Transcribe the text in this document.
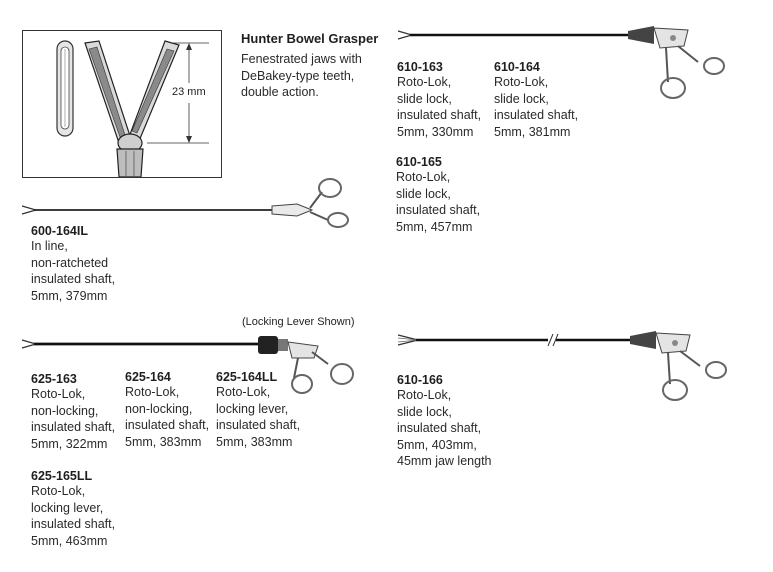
23 mm
Hunter Bowel Grasper
Fenestrated jaws with
DeBakey-type teeth,
double action.
(Locking Lever Shown)
610-163
Roto-Lok,
slide lock,
insulated shaft,
5mm, 330mm
610-164
Roto-Lok,
slide lock,
insulated shaft,
5mm, 381mm
610-165
Roto-Lok,
slide lock,
insulated shaft,
5mm, 457mm
600-164IL
In line,
non-ratcheted
insulated shaft,
5mm, 379mm
625-163
Roto-Lok,
non-locking,
insulated shaft,
5mm, 322mm
625-164
Roto-Lok,
non-locking,
insulated shaft,
5mm, 383mm
625-164LL
Roto-Lok,
locking lever,
insulated shaft,
5mm, 383mm
625-165LL
Roto-Lok,
locking lever,
insulated shaft,
5mm, 463mm
610-166
Roto-Lok,
slide lock,
insulated shaft,
5mm, 403mm,
45mm jaw length
